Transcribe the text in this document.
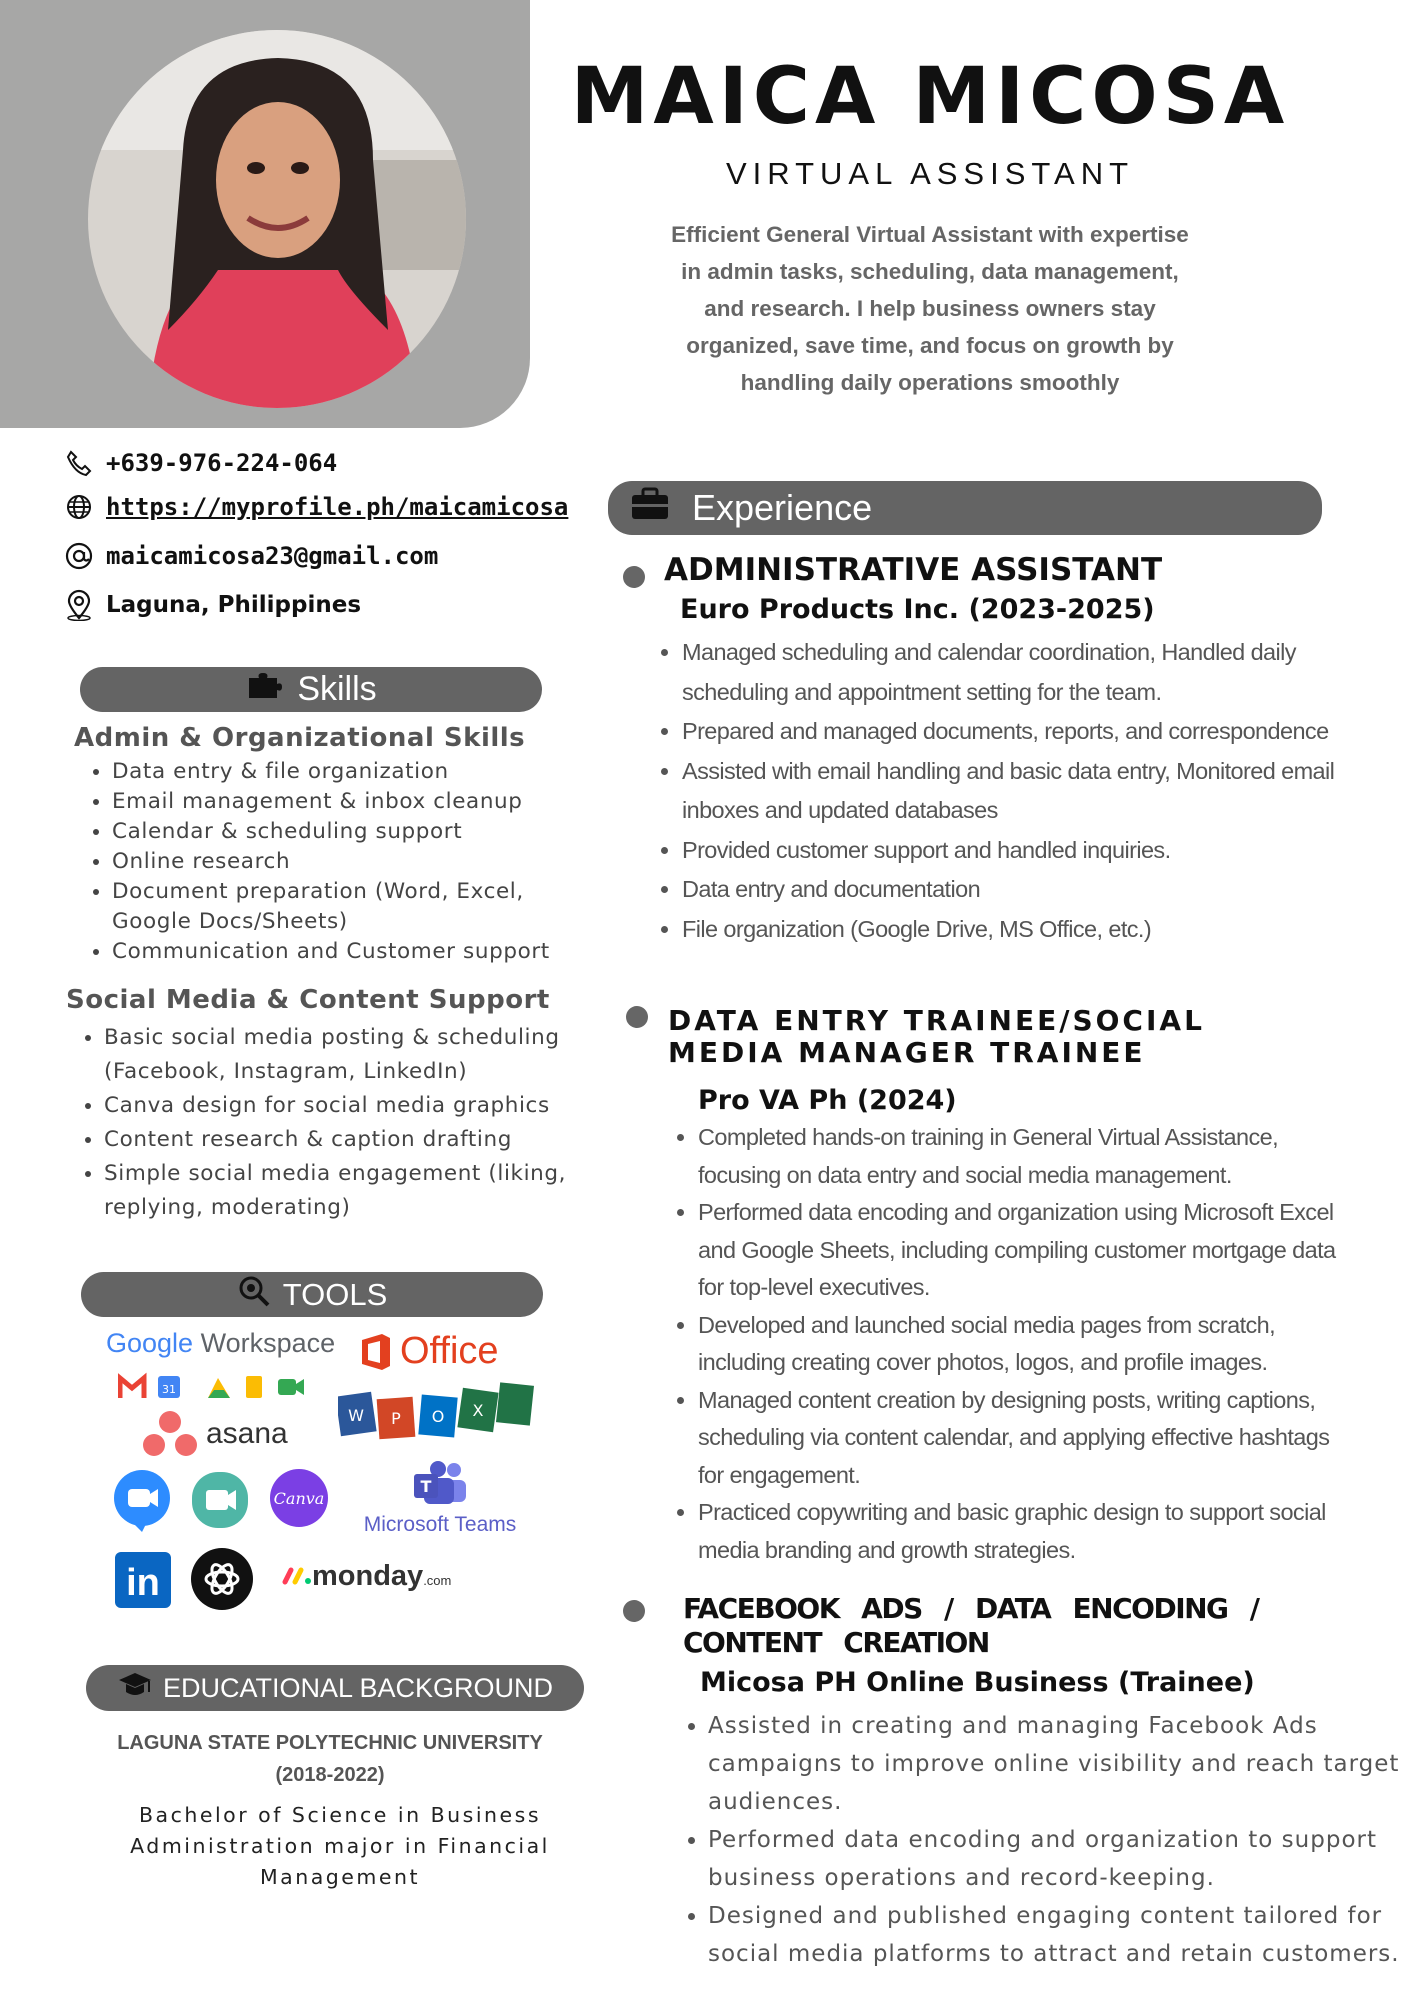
MAICA MICOSA
VIRTUAL ASSISTANT

Efficient General Virtual Assistant with expertise in admin tasks, scheduling, data management, and research. I help business owners stay organized, save time, and focus on growth by handling daily operations smoothly

+639-976-224-064
https://myprofile.ph/maicamicosa
maicamicosa23@gmail.com
Laguna, Philippines
Skills
Admin & Organizational Skills
• Data entry & file organization
• Email management & inbox cleanup
• Calendar & scheduling support
• Online research
• Document preparation (Word, Excel, Google Docs/Sheets)
• Communication and Customer support
Social Media & Content Support
• Basic social media posting & scheduling (Facebook, Instagram, LinkedIn)
• Canva design for social media graphics
• Content research & caption drafting
• Simple social media engagement (liking, replying, moderating)
TOOLS
Google Workspace
31
asana
Office
W P O X
Canva
T
Microsoft Teams
in	monday .com
EDUCATIONAL BACKGROUND
LAGUNA STATE POLYTECHNIC UNIVERSITY
(2018-2022)
Bachelor of Science in Business Administration major in Financial Management
Experience
ADMINISTRATIVE ASSISTANT
Euro Products Inc. (2023-2025)
• Managed scheduling and calendar coordination, Handled daily scheduling and appointment setting for the team.
• Prepared and managed documents, reports, and correspondence
• Assisted with email handling and basic data entry, Monitored email inboxes and updated databases
• Provided customer support and handled inquiries.
• Data entry and documentation
• File organization (Google Drive, MS Office, etc.)
DATA ENTRY TRAINEE/SOCIAL MEDIA MANAGER TRAINEE
Pro VA Ph (2024)
• Completed hands-on training in General Virtual Assistance, focusing on data entry and social media management.
• Performed data encoding and organization using Microsoft Excel and Google Sheets, including compiling customer mortgage data for top-level executives.
• Developed and launched social media pages from scratch, including creating cover photos, logos, and profile images.
• Managed content creation by designing posts, writing captions, scheduling via content calendar, and applying effective hashtags for engagement.
• Practiced copywriting and basic graphic design to support social media branding and growth strategies.
FACEBOOK ADS / DATA ENCODING / CONTENT CREATION
Micosa PH Online Business (Trainee)
• Assisted in creating and managing Facebook Ads campaigns to improve online visibility and reach target audiences.
• Performed data encoding and organization to support business operations and record-keeping.
• Designed and published engaging content tailored for social media platforms to attract and retain customers.
